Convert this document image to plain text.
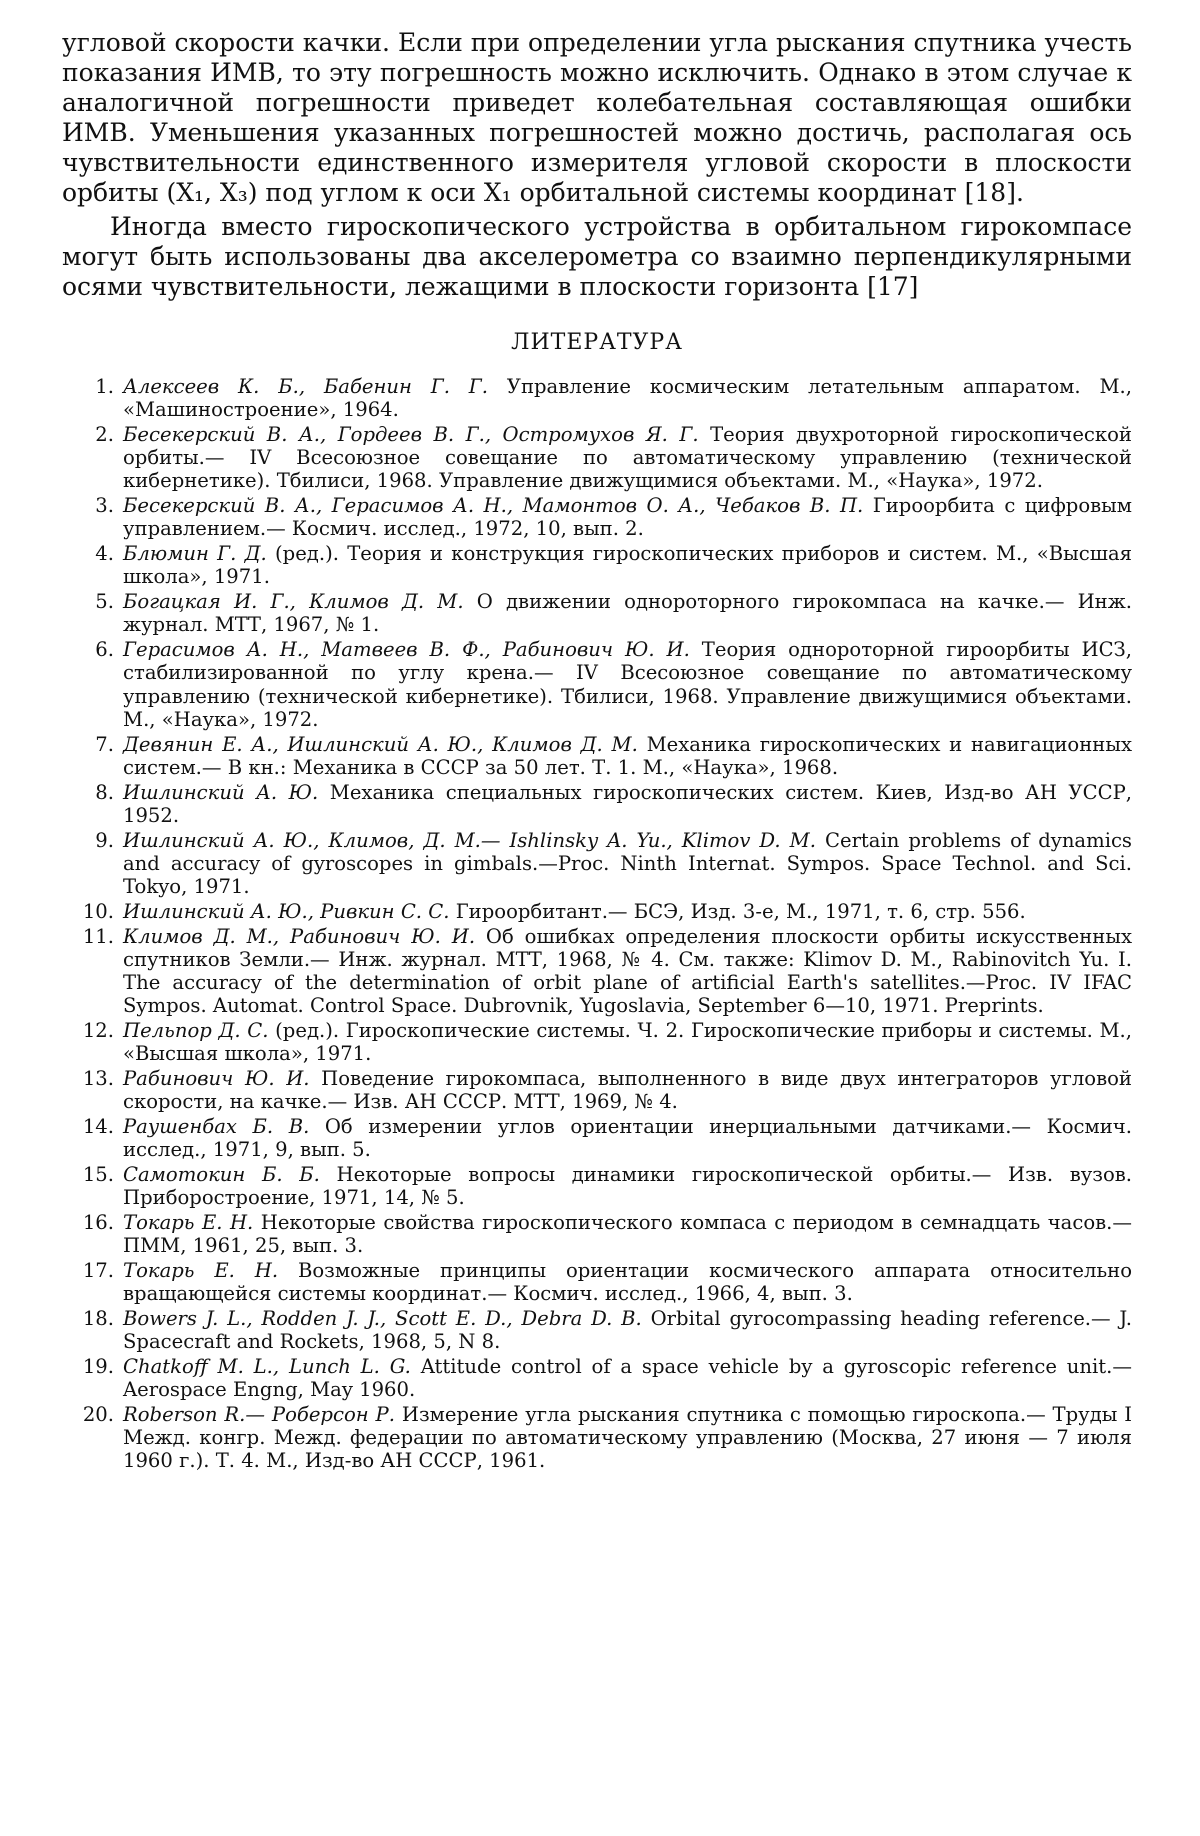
угловой скорости качки. Если при определении угла рыскания спутника учесть показания ИМВ, то эту погрешность можно исключить. Однако в этом случае к аналогичной погрешности приведет колебательная составляющая ошибки ИМВ. Уменьшения указанных погрешностей можно достичь, располагая ось чувствительности единственного измерителя угловой скорости в плоскости орбиты (X₁, X₃) под углом к оси X₁ орбитальной системы координат [18].

Иногда вместо гироскопического устройства в орбитальном гирокомпасе могут быть использованы два акселерометра со взаимно перпендикулярными осями чувствительности, лежащими в плоскости горизонта [17]

ЛИТЕРАТУРА
1. Алексеев К. Б., Бабенин Г. Г. Управление космическим летательным аппаратом. М., «Машиностроение», 1964.
2. Бесекерский В. А., Гордеев В. Г., Остромухов Я. Г. Теория двухроторной гироскопической орбиты.— IV Всесоюзное совещание по автоматическому управлению (технической кибернетике). Тбилиси, 1968. Управление движущимися объектами. М., «Наука», 1972.
3. Бесекерский В. А., Герасимов А. Н., Мамонтов О. А., Чебаков В. П. Гироорбита с цифровым управлением.— Космич. исслед., 1972, 10, вып. 2.
4. Блюмин Г. Д. (ред.). Теория и конструкция гироскопических приборов и систем. М., «Высшая школа», 1971.
5. Богацкая И. Г., Климов Д. М. О движении однороторного гирокомпаса на качке.— Инж. журнал. МТТ, 1967, № 1.
6. Герасимов А. Н., Матвеев В. Ф., Рабинович Ю. И. Теория однороторной гироорбиты ИСЗ, стабилизированной по углу крена.— IV Всесоюзное совещание по автоматическому управлению (технической кибернетике). Тбилиси, 1968. Управление движущимися объектами. М., «Наука», 1972.
7. Девянин Е. А., Ишлинский А. Ю., Климов Д. М. Механика гироскопических и навигационных систем.— В кн.: Механика в СССР за 50 лет. Т. 1. М., «Наука», 1968.
8. Ишлинский А. Ю. Механика специальных гироскопических систем. Киев, Изд-во АН УССР, 1952.
9. Ишлинский А. Ю., Климов, Д. М.— Ishlinsky A. Yu., Klimov D. M. Certain problems of dynamics and accuracy of gyroscopes in gimbals.—Proc. Ninth Internat. Sympos. Space Technol. and Sci. Tokyo, 1971.
10. Ишлинский А. Ю., Ривкин С. С. Гироорбитант.— БСЭ, Изд. 3-е, М., 1971, т. 6, стр. 556.
11. Климов Д. М., Рабинович Ю. И. Об ошибках определения плоскости орбиты искусственных спутников Земли.— Инж. журнал. МТТ, 1968, № 4. См. также: Klimov D. M., Rabinovitch Yu. I. The accuracy of the determination of orbit plane of artificial Earth's satellites.—Proc. IV IFAC Sympos. Automat. Control Space. Dubrovnik, Yugoslavia, September 6—10, 1971. Preprints.
12. Пельпор Д. С. (ред.). Гироскопические системы. Ч. 2. Гироскопические приборы и системы. М., «Высшая школа», 1971.
13. Рабинович Ю. И. Поведение гирокомпаса, выполненного в виде двух интеграторов угловой скорости, на качке.— Изв. АН СССР. МТТ, 1969, № 4.
14. Раушенбах Б. В. Об измерении углов ориентации инерциальными датчиками.— Космич. исслед., 1971, 9, вып. 5.
15. Самотокин Б. Б. Некоторые вопросы динамики гироскопической орбиты.— Изв. вузов. Приборостроение, 1971, 14, № 5.
16. Токарь Е. Н. Некоторые свойства гироскопического компаса с периодом в семнадцать часов.— ПММ, 1961, 25, вып. 3.
17. Токарь Е. Н. Возможные принципы ориентации космического аппарата относительно вращающейся системы координат.— Космич. исслед., 1966, 4, вып. 3.
18. Bowers J. L., Rodden J. J., Scott E. D., Debra D. B. Orbital gyrocompassing heading reference.— J. Spacecraft and Rockets, 1968, 5, N 8.
19. Chatkoff M. L., Lunch L. G. Attitude control of a space vehicle by a gyroscopic reference unit.— Aerospace Engng, May 1960.
20. Roberson R.— Роберсон Р. Измерение угла рыскания спутника с помощью гироскопа.— Труды I Межд. конгр. Межд. федерации по автоматическому управлению (Москва, 27 июня — 7 июля 1960 г.). Т. 4. М., Изд-во АН СССР, 1961.
